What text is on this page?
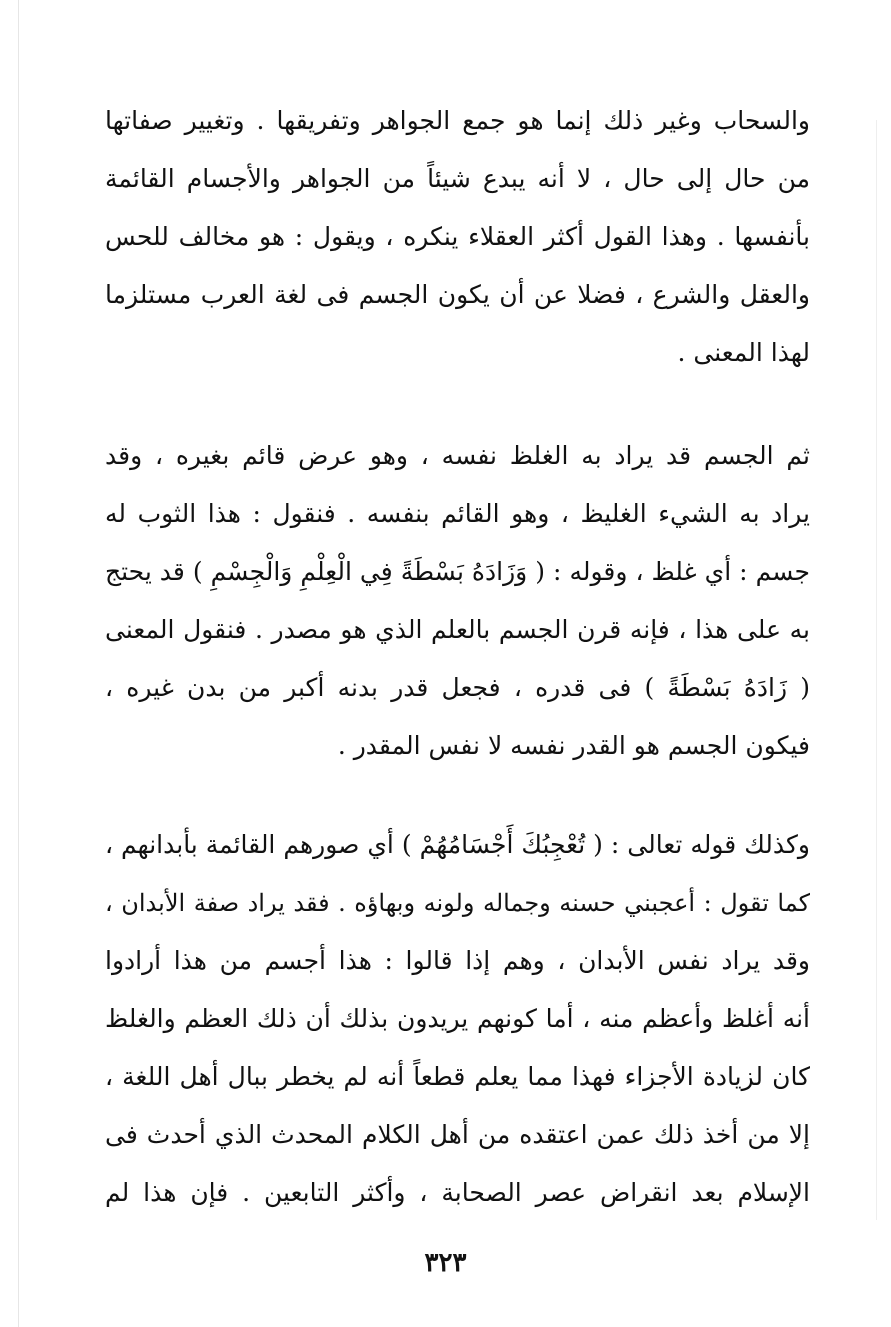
والسحاب وغير ذلك إنما هو جمع الجواهر وتفريقها . وتغيير صفاتها
من حال إلى حال ، لا أنه يبدع شيئاً من الجواهر والأجسام القائمة
بأنفسها . وهذا القول أكثر العقلاء ينكره ، ويقول : هو مخالف للحس
والعقل والشرع ، فضلا عن أن يكون الجسم فى لغة العرب مستلزما
لهذا المعنى .
ثم الجسم قد يراد به الغلظ نفسه ، وهو عرض قائم بغيره ، وقد
يراد به الشيء الغليظ ، وهو القائم بنفسه . فنقول : هذا الثوب له
جسم : أي غلظ ، وقوله : ( وَزَادَهُ بَسْطَةً فِي الْعِلْمِ وَالْجِسْمِ ) قد يحتج
به على هذا ، فإنه قرن الجسم بالعلم الذي هو مصدر . فنقول المعنى
( زَادَهُ بَسْطَةً ) فى قدره ، فجعل قدر بدنه أكبر من بدن غيره ،
فيكون الجسم هو القدر نفسه لا نفس المقدر .
وكذلك قوله تعالى : ( تُعْجِبُكَ أَجْسَامُهُمْ ) أي صورهم القائمة بأبدانهم ،
كما تقول : أعجبني حسنه وجماله ولونه وبهاؤه . فقد يراد صفة الأبدان ،
وقد يراد نفس الأبدان ، وهم إذا قالوا : هذا أجسم من هذا أرادوا
أنه أغلظ وأعظم منه ، أما كونهم يريدون بذلك أن ذلك العظم والغلظ
كان لزيادة الأجزاء فهذا مما يعلم قطعاً أنه لم يخطر ببال أهل اللغة ،
إلا من أخذ ذلك عمن اعتقده من أهل الكلام المحدث الذي أحدث فى
الإسلام بعد انقراض عصر الصحابة ، وأكثر التابعين . فإن هذا لم
٣٢٣
